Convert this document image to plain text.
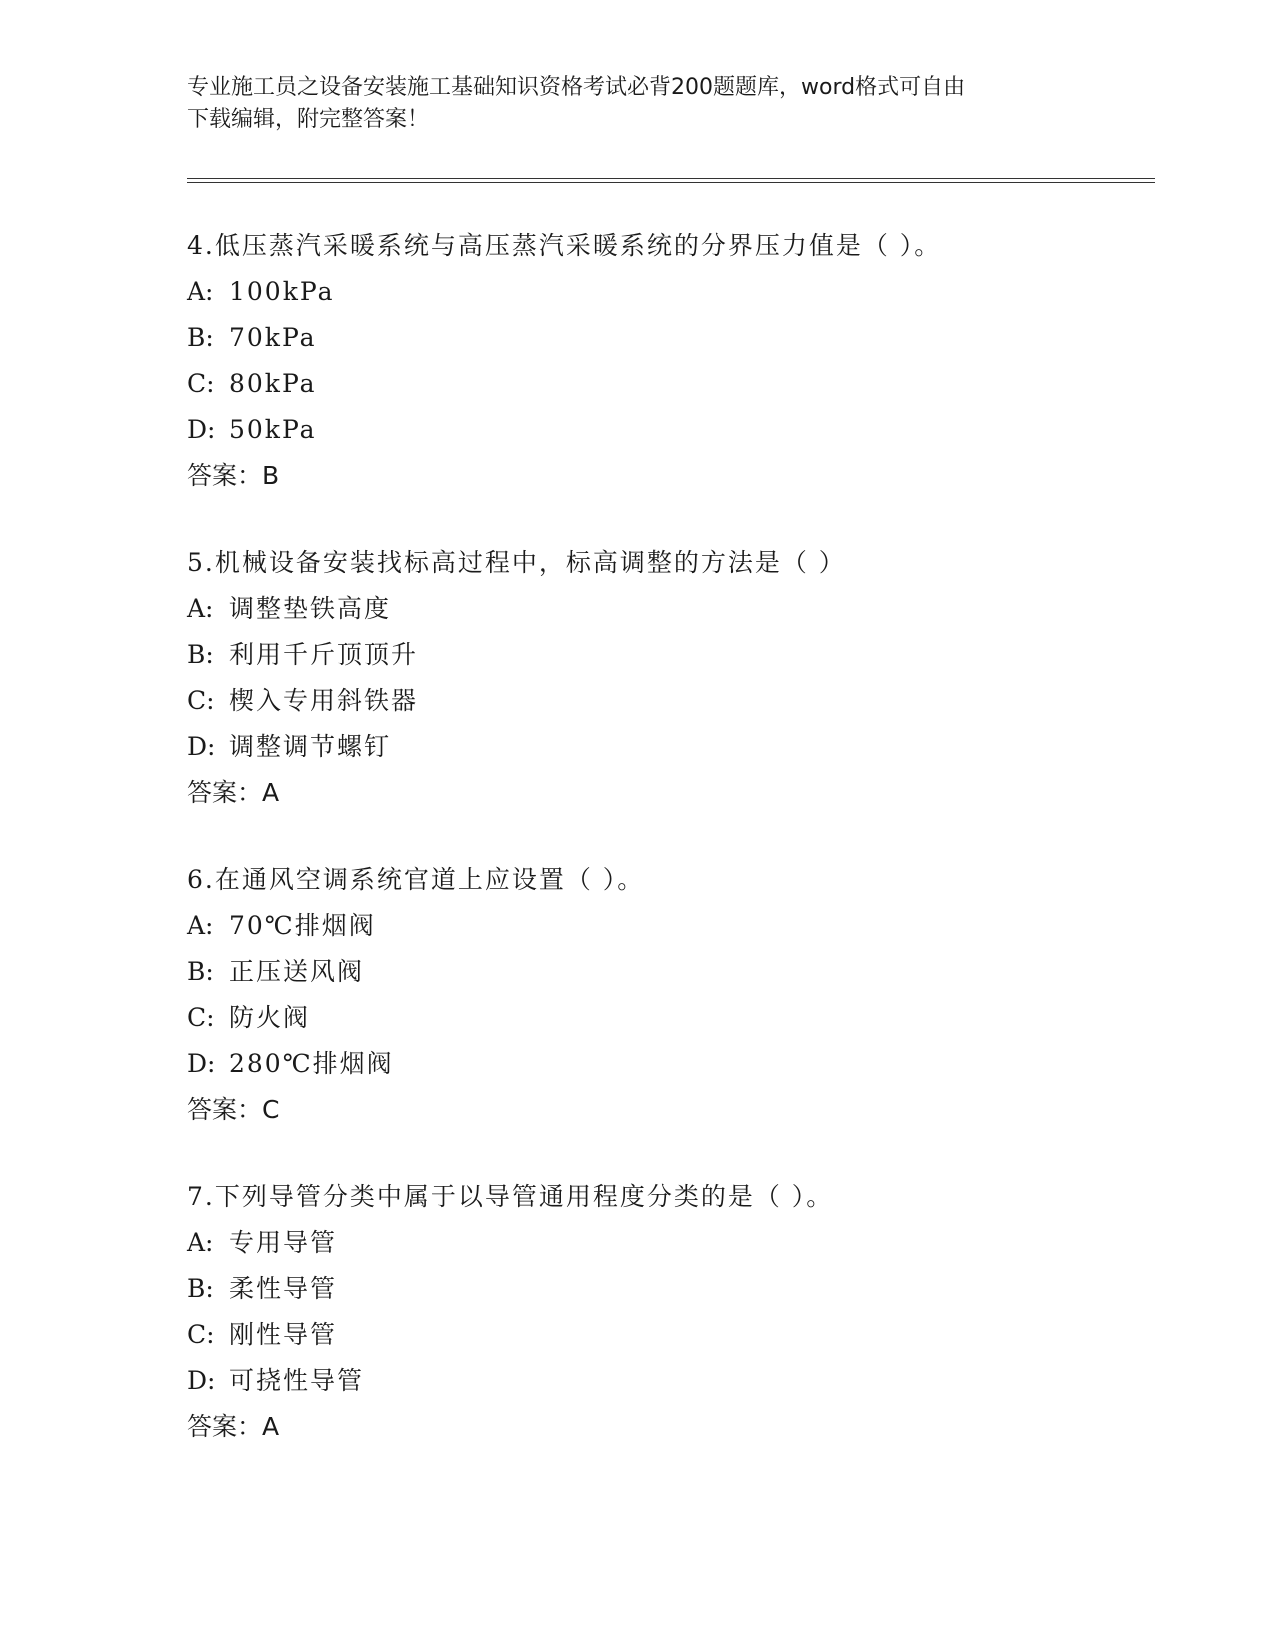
专业施工员之设备安装施工基础知识资格考试必背200题题库，word格式可自由
下载编辑，附完整答案！
4.低压蒸汽采暖系统与高压蒸汽采暖系统的分界压力值是（ ）。
A: 100kPa
B: 70kPa
C: 80kPa
D: 50kPa
答案：B
5.机械设备安装找标高过程中，标高调整的方法是（ ）
A: 调整垫铁高度
B: 利用千斤顶顶升
C: 楔入专用斜铁器
D: 调整调节螺钉
答案：A
6.在通风空调系统官道上应设置（ ）。
A: 70℃排烟阀
B: 正压送风阀
C: 防火阀
D: 280℃排烟阀
答案：C
7.下列导管分类中属于以导管通用程度分类的是（ ）。
A: 专用导管
B: 柔性导管
C: 刚性导管
D: 可挠性导管
答案：A
